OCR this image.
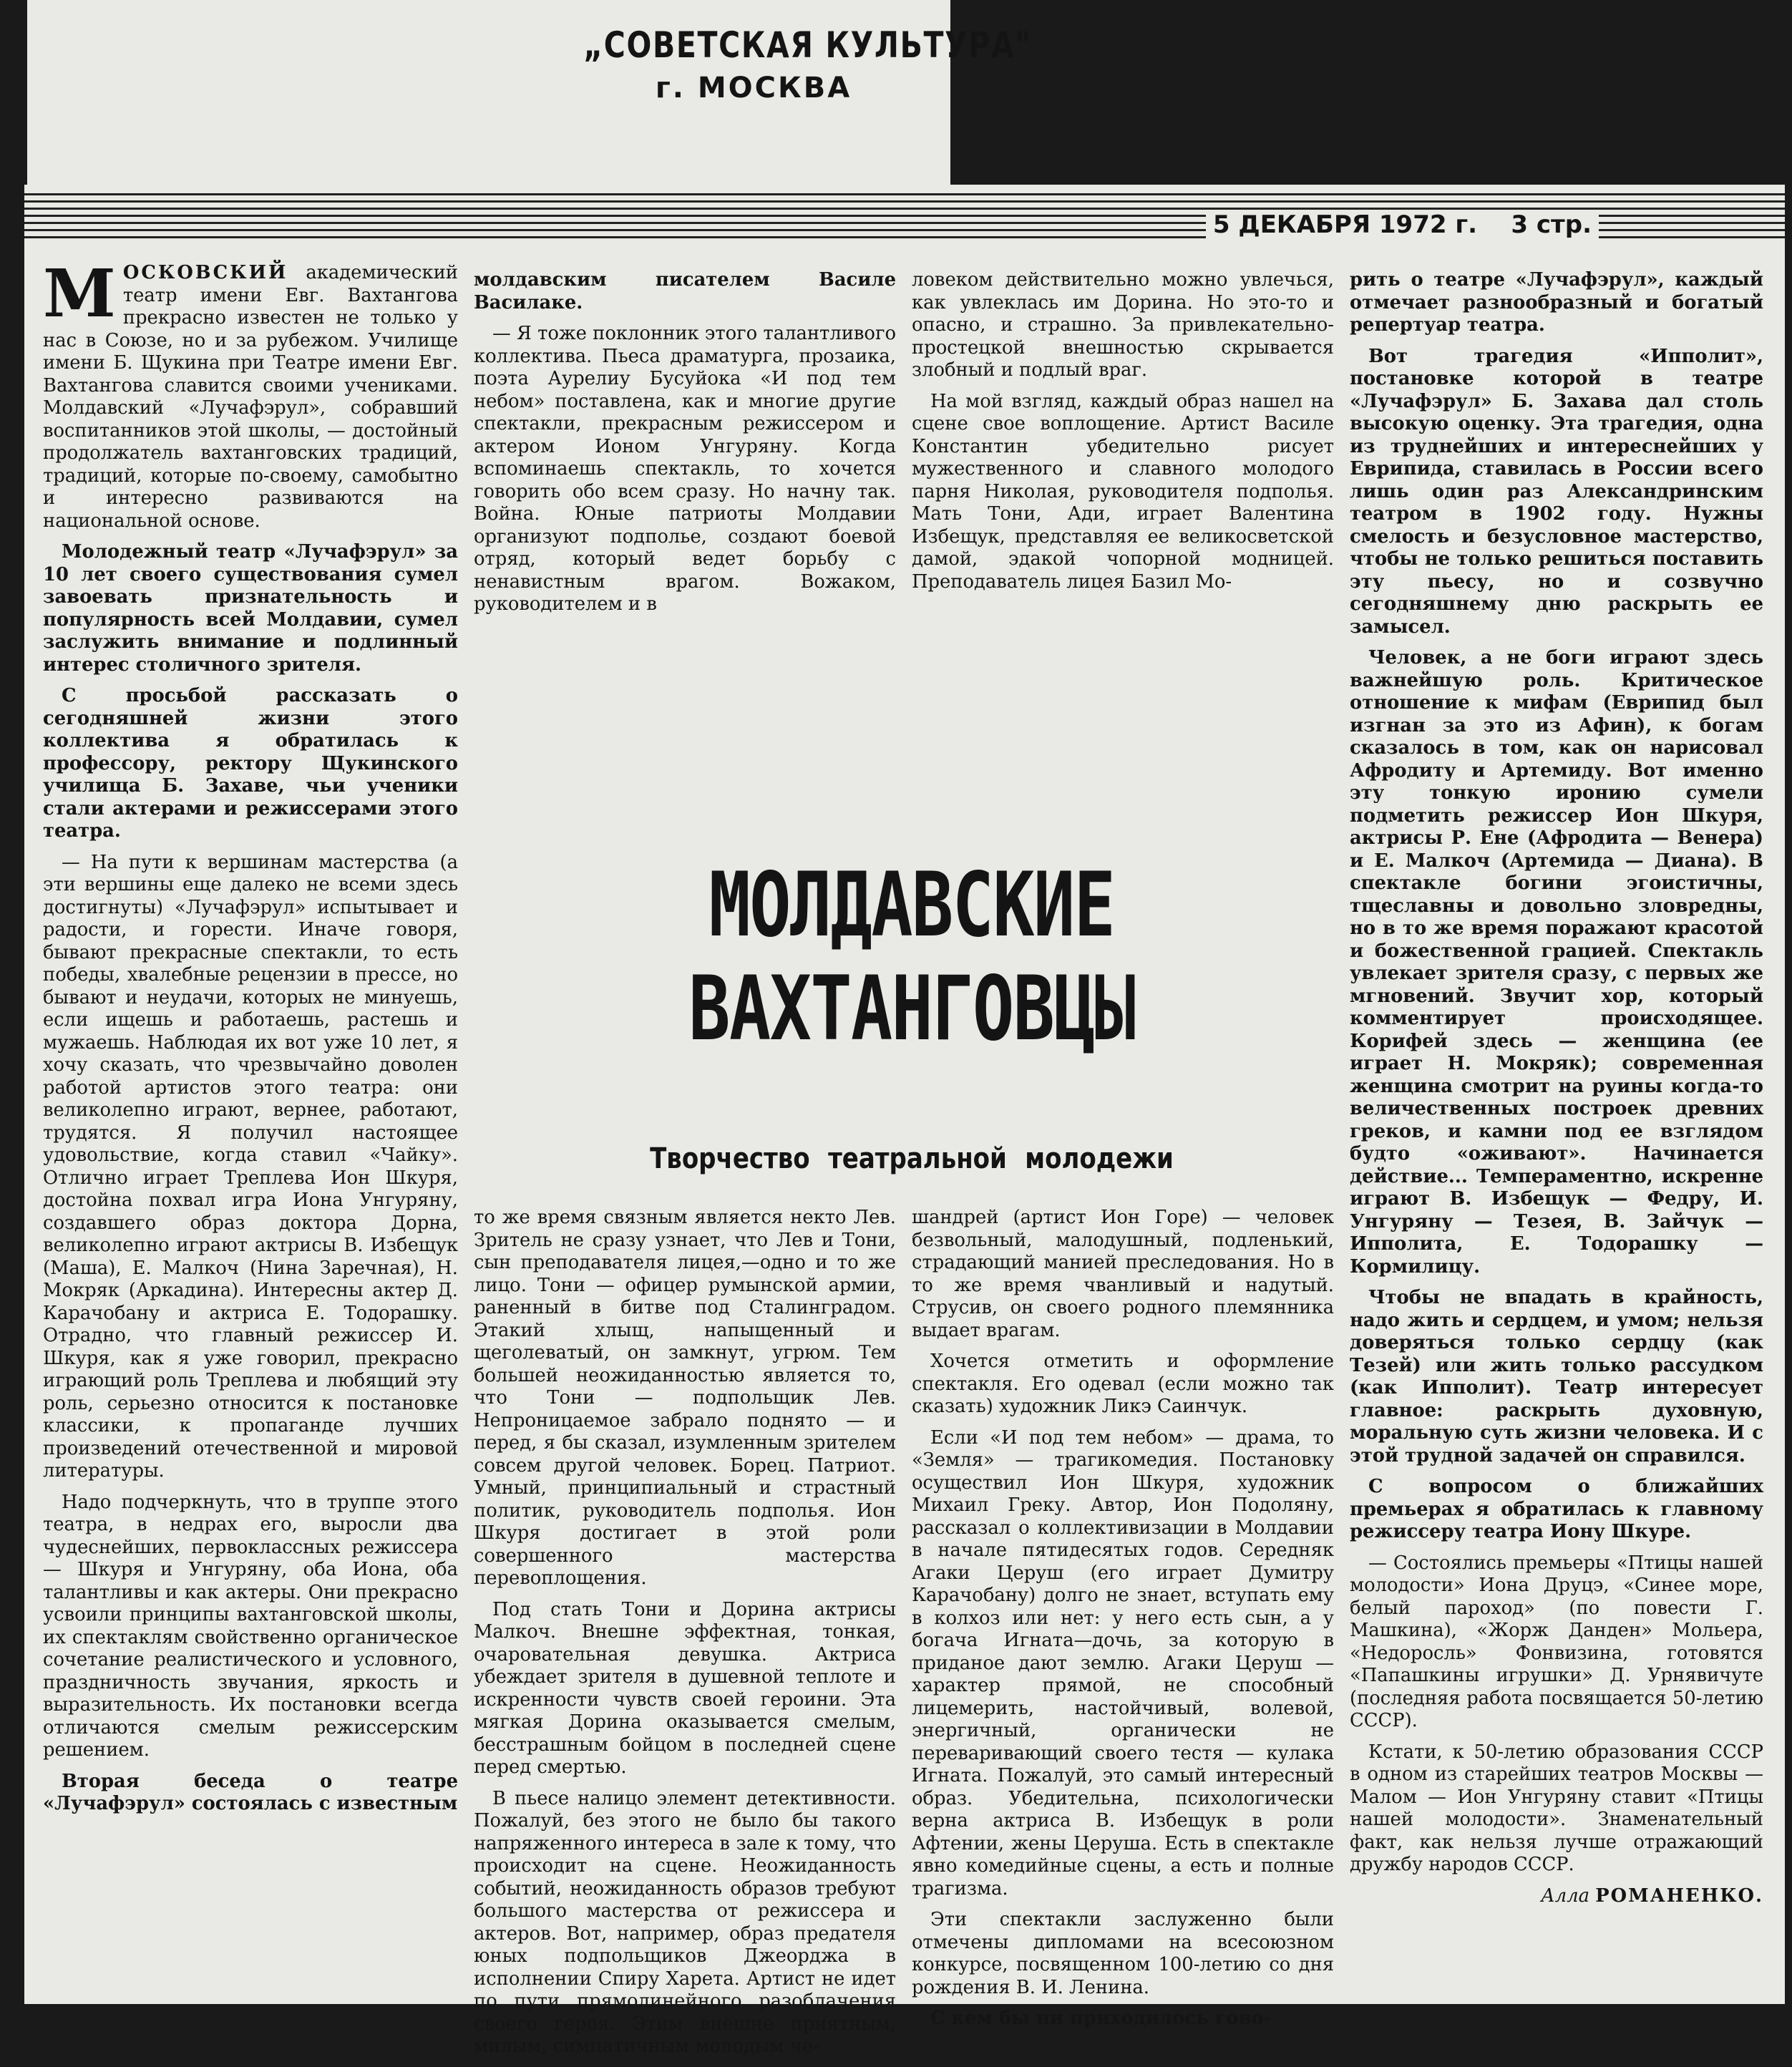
„СОВЕТСКАЯ КУЛЬТУРА"
г. МОСКВА
5 ДЕКАБРЯ 1972 г. 3 стр.

МОСКОВСКИЙ академический театр имени Евг. Вахтангова прекрасно известен не только у нас в Союзе, но и за рубежом. Училище имени Б. Щукина при Театре имени Евг. Вахтангова славится своими учениками. Молдавский «Лучафэрул», собравший воспитанников этой школы, — достойный продолжатель вахтанговских традиций, традиций, которые по-своему, самобытно и интересно развиваются на национальной основе.

Молодежный театр «Лучафэрул» за 10 лет своего существования сумел завоевать признательность и популярность всей Молдавии, сумел заслужить внимание и подлинный интерес столичного зрителя.

С просьбой рассказать о сегодняшней жизни этого коллектива я обратилась к профессору, ректору Щукинского училища Б. Захаве, чьи ученики стали актерами и режиссерами этого театра.

— На пути к вершинам мастерства (а эти вершины еще далеко не всеми здесь достигнуты) «Лучафэрул» испытывает и радости, и горести. Иначе говоря, бывают прекрасные спектакли, то есть победы, хвалебные рецензии в прессе, но бывают и неудачи, которых не минуешь, если ищешь и работаешь, растешь и мужаешь. Наблюдая их вот уже 10 лет, я хочу сказать, что чрезвычайно доволен работой артистов этого театра: они великолепно играют, вернее, работают, трудятся. Я получил настоящее удовольствие, когда ставил «Чайку». Отлично играет Треплева Ион Шкуря, достойна похвал игра Иона Унгуряну, создавшего образ доктора Дорна, великолепно играют актрисы В. Избещук (Маша), Е. Малкоч (Нина Заречная), Н. Мокряк (Аркадина). Интересны актер Д. Карачобану и актриса Е. Тодорашку. Отрадно, что главный режиссер И. Шкуря, как я уже говорил, прекрасно играющий роль Треплева и любящий эту роль, серьезно относится к постановке классики, к пропаганде лучших произведений отечественной и мировой литературы.

Надо подчеркнуть, что в труппе этого театра, в недрах его, выросли два чудеснейших, первоклассных режиссера — Шкуря и Унгуряну, оба Иона, оба талантливы и как актеры. Они прекрасно усвоили принципы вахтанговской школы, их спектаклям свойственно органическое сочетание реалистического и условного, праздничность звучания, яркость и выразительность. Их постановки всегда отличаются смелым режиссерским решением.

Вторая беседа о театре «Лучафэрул» состоялась с известным

молдавским писателем Василе Василаке.

— Я тоже поклонник этого талантливого коллектива. Пьеса драматурга, прозаика, поэта Аурелиу Бусуйока «И под тем небом» поставлена, как и многие другие спектакли, прекрасным режиссером и актером Ионом Унгуряну. Когда вспоминаешь спектакль, то хочется говорить обо всем сразу. Но начну так. Война. Юные патриоты Молдавии организуют подполье, создают боевой отряд, который ведет борьбу с ненавистным врагом. Вожаком, руководителем и в

ловеком действительно можно увлечься, как увлеклась им Дорина. Но это-то и опасно, и страшно. За привлекательно-простецкой внешностью скрывается злобный и подлый враг.

На мой взгляд, каждый образ нашел на сцене свое воплощение. Артист Василе Константин убедительно рисует мужественного и славного молодого парня Николая, руководителя подполья. Мать Тони, Ади, играет Валентина Избещук, представляя ее великосветской дамой, эдакой чопорной модницей. Преподаватель лицея Базил Мо-

МОЛДАВСКИЕ
ВАХТАНГОВЦЫ
Творчество театральной молодежи

то же время связным является некто Лев. Зритель не сразу узнает, что Лев и Тони, сын преподавателя лицея,—одно и то же лицо. Тони — офицер румынской армии, раненный в битве под Сталинградом. Этакий хлыщ, напыщенный и щеголеватый, он замкнут, угрюм. Тем большей неожиданностью является то, что Тони — подпольщик Лев. Непроницаемое забрало поднято — и перед, я бы сказал, изумленным зрителем совсем другой человек. Борец. Патриот. Умный, принципиальный и страстный политик, руководитель подполья. Ион Шкуря достигает в этой роли совершенного мастерства перевоплощения.

Под стать Тони и Дорина актрисы Малкоч. Внешне эффектная, тонкая, очаровательная девушка. Актриса убеждает зрителя в душевной теплоте и искренности чувств своей героини. Эта мягкая Дорина оказывается смелым, бесстрашным бойцом в последней сцене перед смертью.

В пьесе налицо элемент детективности. Пожалуй, без этого не было бы такого напряженного интереса в зале к тому, что происходит на сцене. Неожиданность событий, неожиданность образов требуют большого мастерства от режиссера и актеров. Вот, например, образ предателя юных подпольщиков Джеорджа в исполнении Спиру Харета. Артист не идет по пути прямолинейного разоблачения своего героя. Этим внешне приятным, милым, симпатичным молодым че-

шандрей (артист Ион Горе) — человек безвольный, малодушный, подленький, страдающий манией преследования. Но в то же время чванливый и надутый. Струсив, он своего родного племянника выдает врагам.

Хочется отметить и оформление спектакля. Его одевал (если можно так сказать) художник Ликэ Саинчук.

Если «И под тем небом» — драма, то «Земля» — трагикомедия. Постановку осуществил Ион Шкуря, художник Михаил Греку. Автор, Ион Подоляну, рассказал о коллективизации в Молдавии в начале пятидесятых годов. Середняк Агаки Церуш (его играет Думитру Карачобану) долго не знает, вступать ему в колхоз или нет: у него есть сын, а у богача Игната—дочь, за которую в приданое дают землю. Агаки Церуш — характер прямой, не способный лицемерить, настойчивый, волевой, энергичный, органически не переваривающий своего тестя — кулака Игната. Пожалуй, это самый интересный образ. Убедительна, психологически верна актриса В. Избещук в роли Афтении, жены Церуша. Есть в спектакле явно комедийные сцены, а есть и полные трагизма.

Эти спектакли заслуженно были отмечены дипломами на всесоюзном конкурсе, посвященном 100-летию со дня рождения В. И. Ленина.

С кем бы ни приходилось гово-

рить о театре «Лучафэрул», каждый отмечает разнообразный и богатый репертуар театра.

Вот трагедия «Ипполит», постановке которой в театре «Лучафэрул» Б. Захава дал столь высокую оценку. Эта трагедия, одна из труднейших и интереснейших у Еврипида, ставилась в России всего лишь один раз Александринским театром в 1902 году. Нужны смелость и безусловное мастерство, чтобы не только решиться поставить эту пьесу, но и созвучно сегодняшнему дню раскрыть ее замысел.

Человек, а не боги играют здесь важнейшую роль. Критическое отношение к мифам (Еврипид был изгнан за это из Афин), к богам сказалось в том, как он нарисовал Афродиту и Артемиду. Вот именно эту тонкую иронию сумели подметить режиссер Ион Шкуря, актрисы Р. Ене (Афродита — Венера) и Е. Малкоч (Артемида — Диана). В спектакле богини эгоистичны, тщеславны и довольно зловредны, но в то же время поражают красотой и божественной грацией. Спектакль увлекает зрителя сразу, с первых же мгновений. Звучит хор, который комментирует происходящее. Корифей здесь — женщина (ее играет Н. Мокряк); современная женщина смотрит на руины когда-то величественных построек древних греков, и камни под ее взглядом будто «оживают». Начинается действие... Темпераментно, искренне играют В. Избещук — Федру, И. Унгуряну — Тезея, В. Зайчук — Ипполита, Е. Тодорашку — Кормилицу.

Чтобы не впадать в крайность, надо жить и сердцем, и умом; нельзя доверяться только сердцу (как Тезей) или жить только рассудком (как Ипполит). Театр интересует главное: раскрыть духовную, моральную суть жизни человека. И с этой трудной задачей он справился.

С вопросом о ближайших премьерах я обратилась к главному режиссеру театра Иону Шкуре.

— Состоялись премьеры «Птицы нашей молодости» Иона Друцэ, «Синее море, белый пароход» (по повести Г. Машкина), «Жорж Данден» Мольера, «Недоросль» Фонвизина, готовятся «Папашкины игрушки» Д. Урнявичуте (последняя работа посвящается 50-летию СССР).

Кстати, к 50-летию образования СССР в одном из старейших театров Москвы — Малом — Ион Унгуряну ставит «Птицы нашей молодости». Знаменательный факт, как нельзя лучше отражающий дружбу народов СССР.

Алла РОМАНЕНКО.
